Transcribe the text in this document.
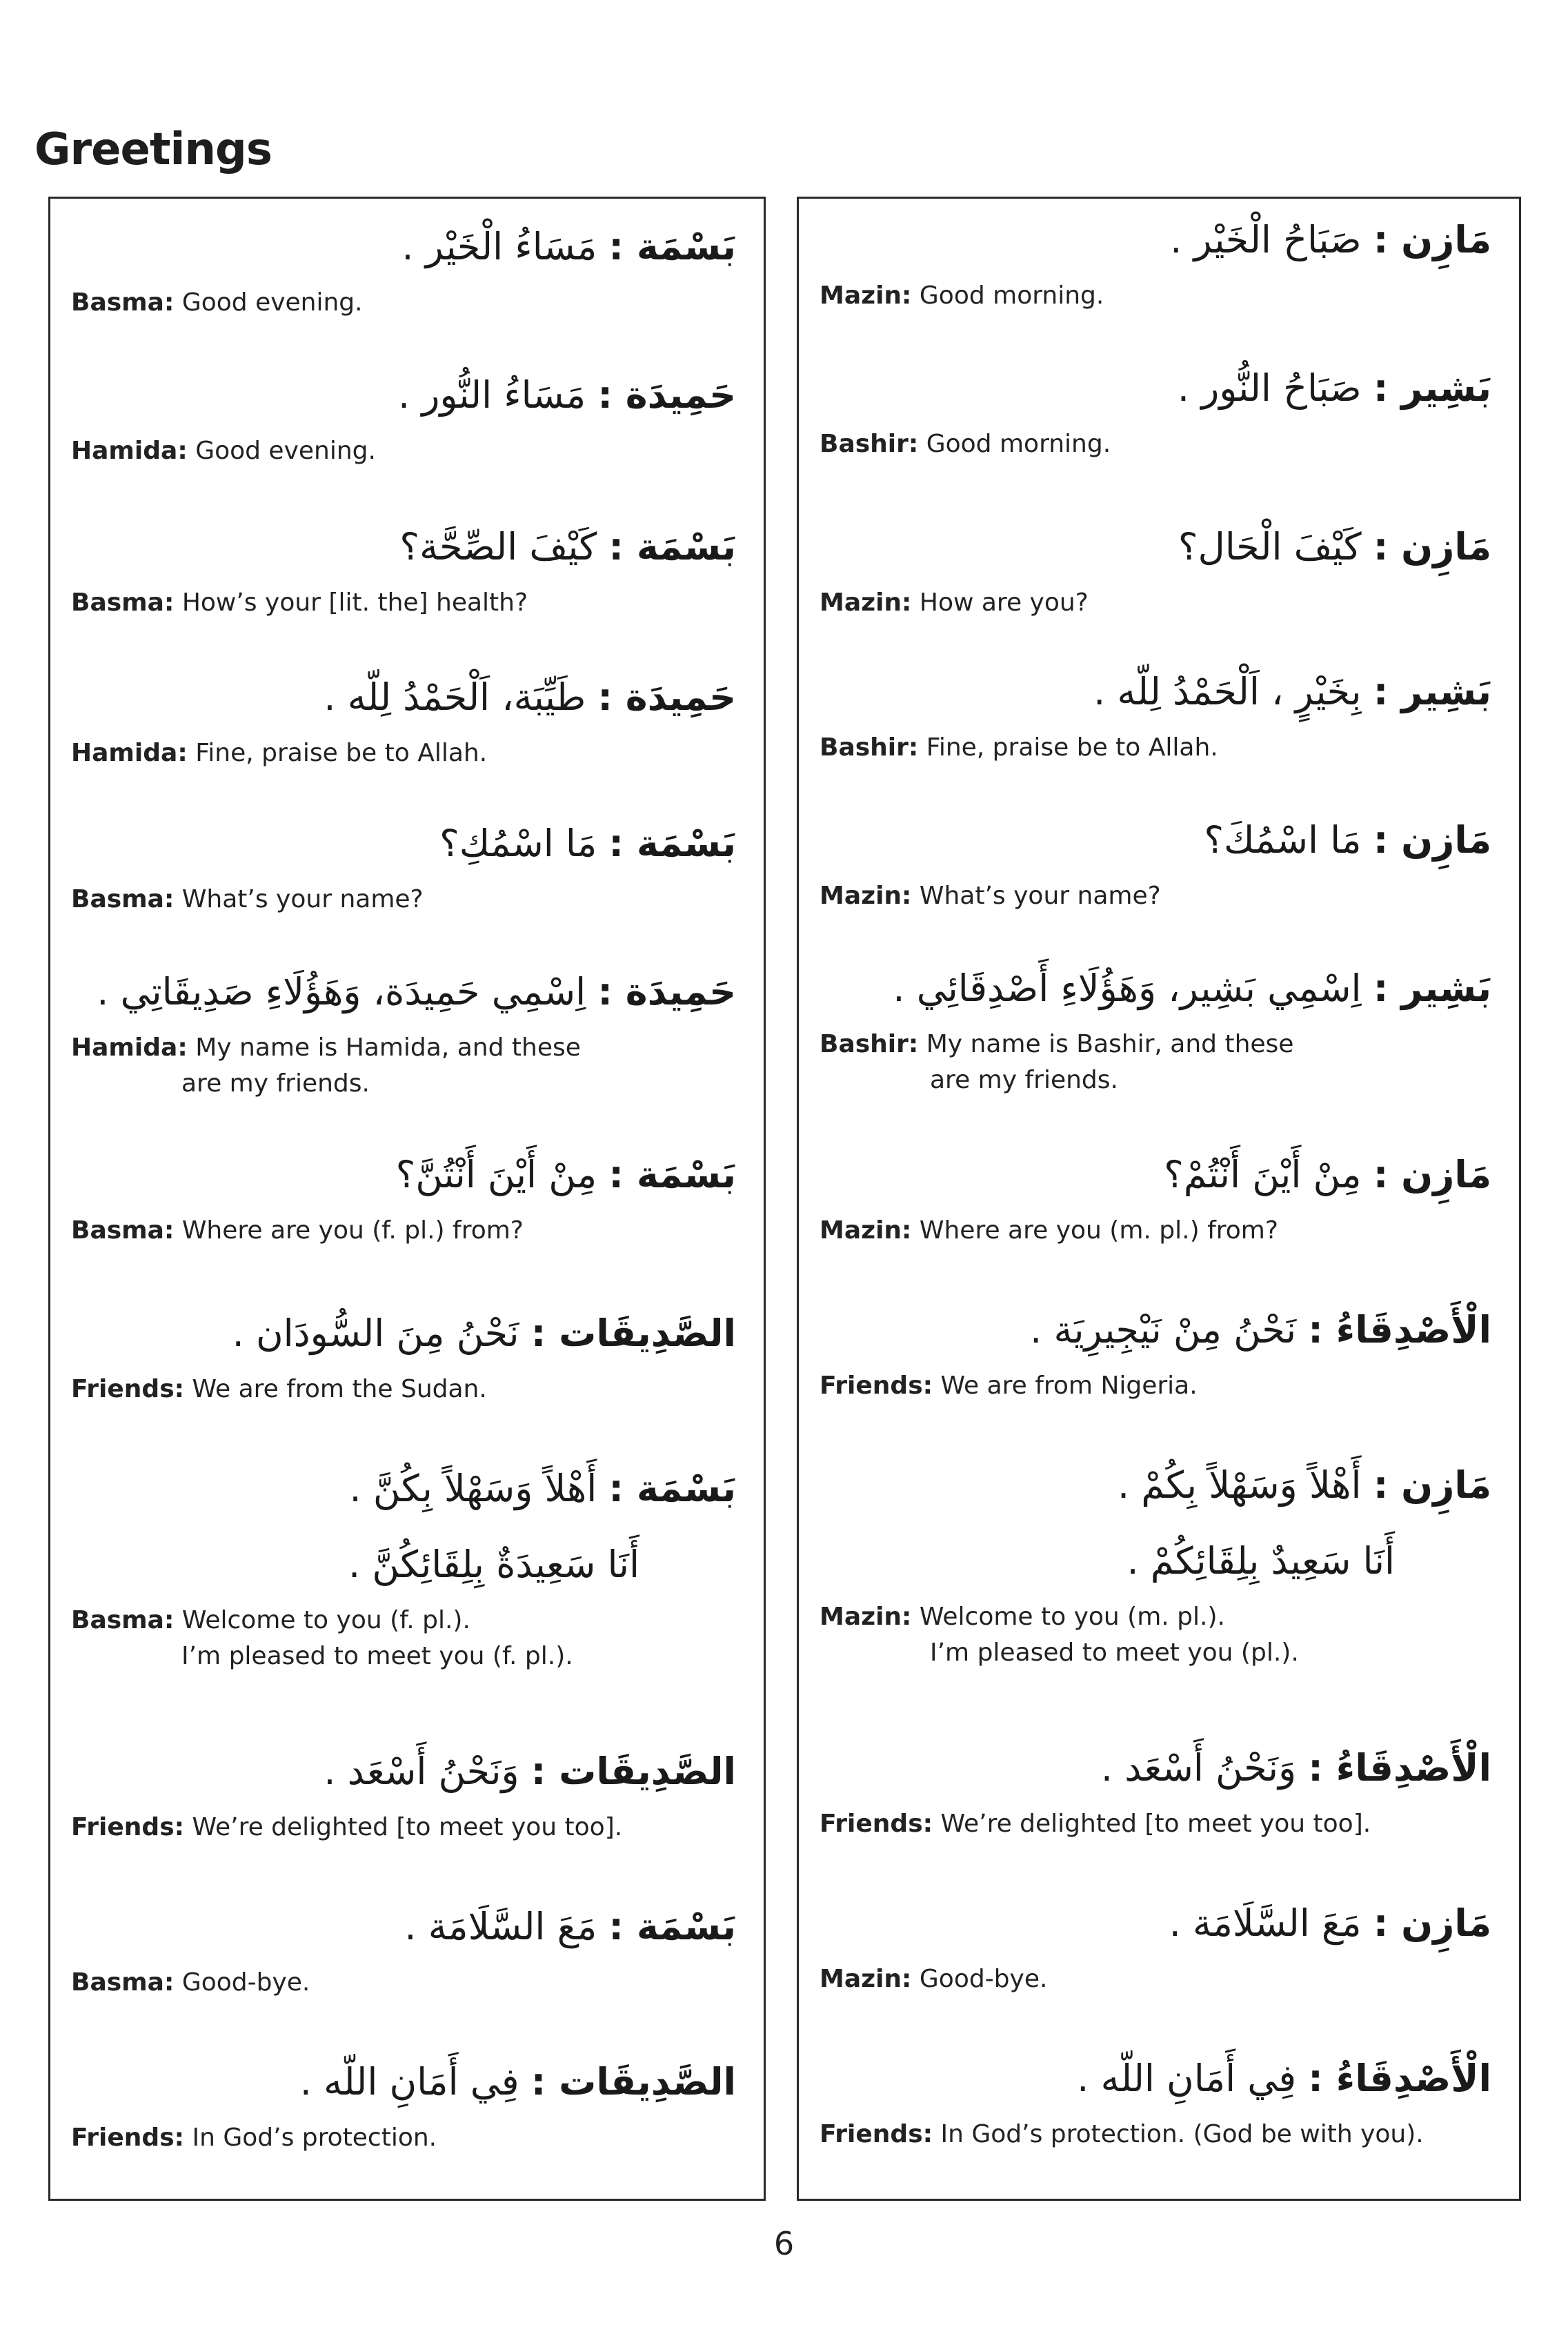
Greetings
بَسْمَة : مَسَاءُ الْخَيْر .
Basma: Good evening.
حَمِيدَة : مَسَاءُ النُّور .
Hamida: Good evening.
بَسْمَة : كَيْفَ الصِّحَّة؟
Basma: How’s your [lit. the] health?
حَمِيدَة : طَيِّبَة، اَلْحَمْدُ لِلّه .
Hamida: Fine, praise be to Allah.
بَسْمَة : مَا اسْمُكِ؟
Basma: What’s your name?
حَمِيدَة : اِسْمِي حَمِيدَة، وَهَؤُلَاءِ صَدِيقَاتِي .
Hamida: My name is Hamida, and these
are my friends.
بَسْمَة : مِنْ أَيْنَ أَنْتُنَّ؟
Basma: Where are you (f. pl.) from?
الصَّدِيقَات : نَحْنُ مِنَ السُّودَان .
Friends: We are from the Sudan.
بَسْمَة : أَهْلاً وَسَهْلاً بِكُنَّ .
أَنَا سَعِيدَةٌ بِلِقَائِكُنَّ .
Basma: Welcome to you (f. pl.).
I’m pleased to meet you (f. pl.).
الصَّدِيقَات : وَنَحْنُ أَسْعَد .
Friends: We’re delighted [to meet you too].
بَسْمَة : مَعَ السَّلَامَة .
Basma: Good-bye.
الصَّدِيقَات : فِي أَمَانِ اللّه .
Friends: In God’s protection.
مَازِن : صَبَاحُ الْخَيْر .
Mazin: Good morning.
بَشِير : صَبَاحُ النُّور .
Bashir: Good morning.
مَازِن : كَيْفَ الْحَال؟
Mazin: How are you?
بَشِير : بِخَيْرٍ ، اَلْحَمْدُ لِلّه .
Bashir: Fine, praise be to Allah.
مَازِن : مَا اسْمُكَ؟
Mazin: What’s your name?
بَشِير : اِسْمِي بَشِير، وَهَؤُلَاءِ أَصْدِقَائِي .
Bashir: My name is Bashir, and these
are my friends.
مَازِن : مِنْ أَيْنَ أَنْتُمْ؟
Mazin: Where are you (m. pl.) from?
الْأَصْدِقَاءُ : نَحْنُ مِنْ نَيْجِيرِيَة .
Friends: We are from Nigeria.
مَازِن : أَهْلاً وَسَهْلاً بِكُمْ .
أَنَا سَعِيدٌ بِلِقَائِكُمْ .
Mazin: Welcome to you (m. pl.).
I’m pleased to meet you (pl.).
الْأَصْدِقَاءُ : وَنَحْنُ أَسْعَد .
Friends: We’re delighted [to meet you too].
مَازِن : مَعَ السَّلَامَة .
Mazin: Good-bye.
الْأَصْدِقَاءُ : فِي أَمَانِ اللّه .
Friends: In God’s protection. (God be with you).
6
